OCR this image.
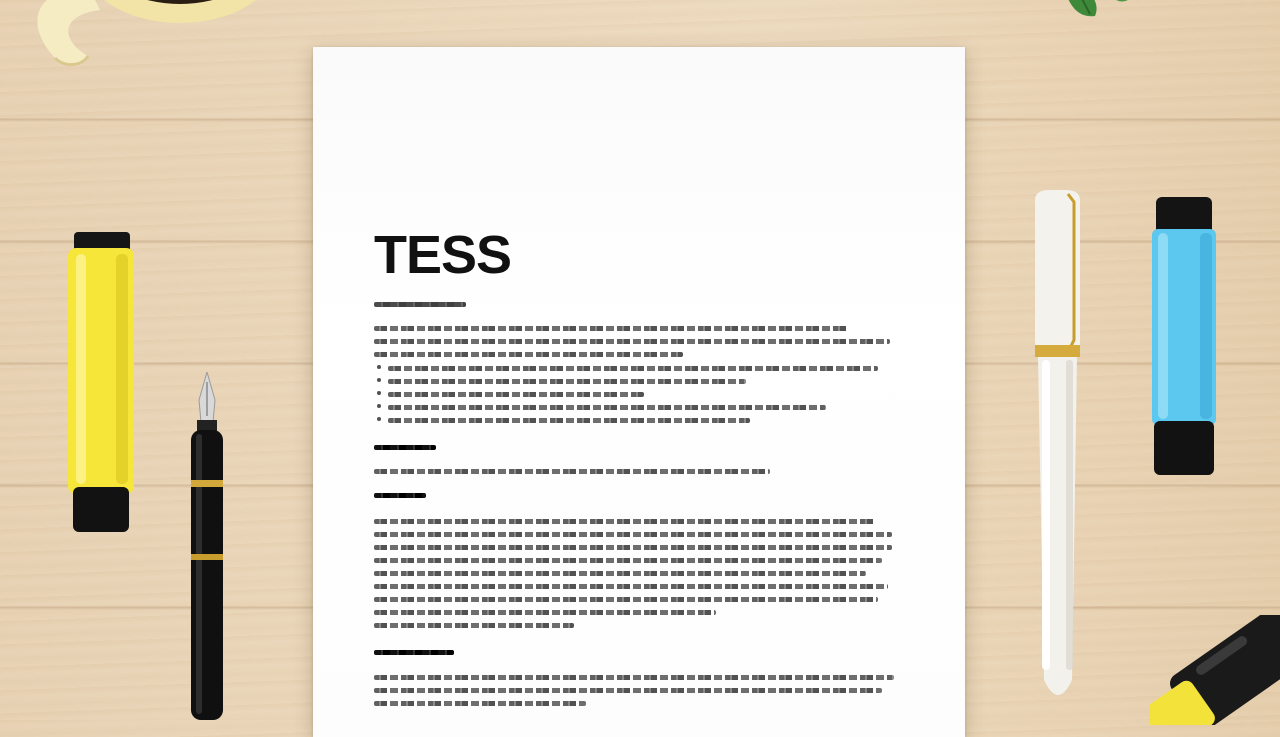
TESS
